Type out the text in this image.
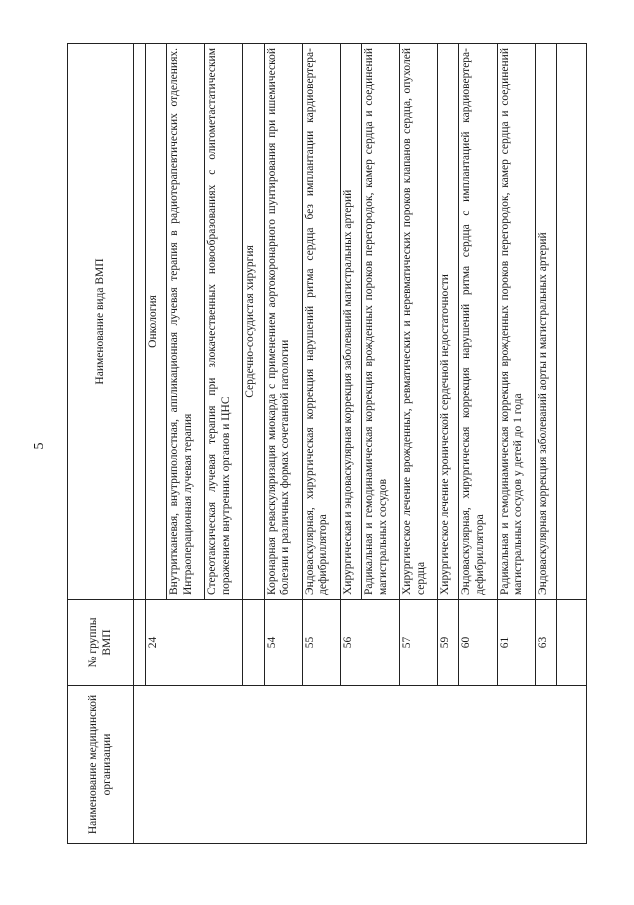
5
Наименование медицинской организации	№ группы ВМП	Наименование вида ВМП

	24	Онкология
		Внутритканевая, внутриполостная, аппликационная лучевая терапия в радиотерапевтических отделениях. Интраоперационная лучевая терапия
		Стереотаксическая лучевая терапия при злокачественных новообразованиях с олигометастатическим поражением внутренних органов и ЦНС
		Сердечно-сосудистая хирургия
	54	Коронарная реваскуляризация миокарда с применением аортокоронарного шунтирования при ишемической болезни и различных формах сочетанной патологии
	55	Эндоваскулярная, хирургическая коррекция нарушений ритма сердца без имплантации кардиовертера-дефибриллятора
	56	Хирургическая и эндоваскулярная коррекция заболеваний магистральных артерий
		Радикальная и гемодинамическая коррекция врожденных пороков перегородок, камер сердца и соединений магистральных сосудов
	57	Хирургическое лечение врожденных, ревматических и неревматических пороков клапанов сердца, опухолей сердца
	59	Хирургическое лечение хронической сердечной недостаточности
	60	Эндоваскулярная, хирургическая коррекция нарушений ритма сердца с имплантацией кардиовертера-дефибриллятора
	61	Радикальная и гемодинамическая коррекция врожденных пороков перегородок, камер сердца и соединений магистральных сосудов у детей до 1 года
	63	Эндоваскулярная коррекция заболеваний аорты и магистральных артерий
